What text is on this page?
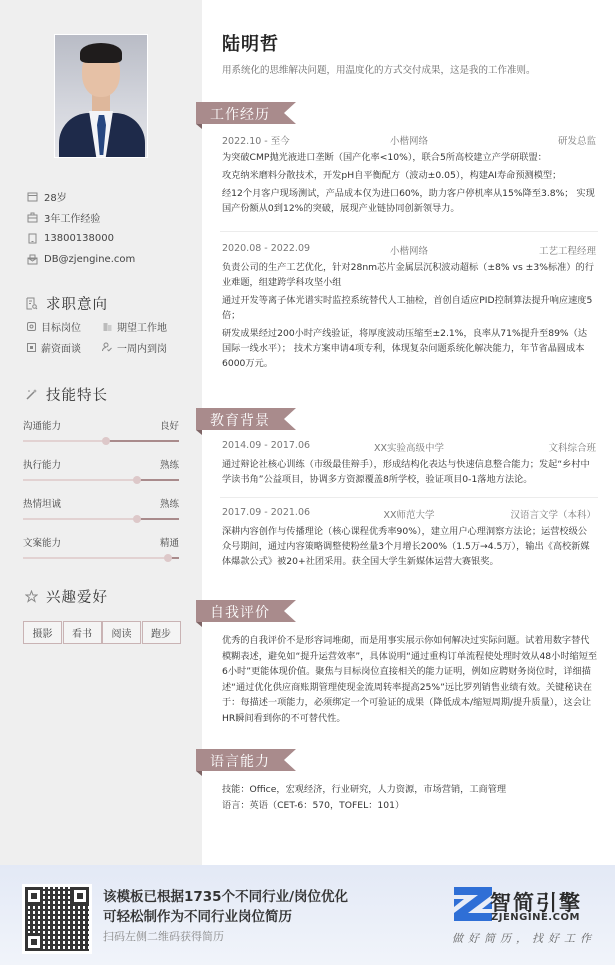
28岁
3年工作经验
13800138000
DB@zjengine.com
求职意向
目标岗位	期望工作地
薪资面谈	一周内到岗
技能特长
沟通能力	良好
执行能力	熟练
热情坦诚	熟练
文案能力	精通
兴趣爱好
摄影	看书	阅读	跑步
陆明哲
用系统化的思维解决问题，用温度化的方式交付成果，这是我的工作准则。
工作经历
2022.10 - 至今	小楷网络	研发总监

为突破CMP抛光液进口垄断（国产化率<10%），联合5所高校建立产学研联盟：

攻克纳米磨料分散技术，开发pH自平衡配方（波动±0.05），构建AI寿命预测模型；

经12个月客户现场测试，产品成本仅为进口60%，助力客户停机率从15%降至3.8%； 实现国产份额从0到12%的突破，展现产业链协同创新领导力。

2020.08 - 2022.09	小楷网络	工艺工程经理

负责公司的生产工艺优化，针对28nm芯片金属层沉积波动超标（±8% vs ±3%标准）的行业难题，组建跨学科攻坚小组

通过开发等离子体光谱实时监控系统替代人工抽检，首创自适应PID控制算法提升响应速度5倍；

研发成果经过200小时产线验证，将厚度波动压缩至±2.1%，良率从71%提升至89%（达国际一线水平）； 技术方案申请4项专利，体现复杂问题系统化解决能力，年节省晶圆成本6000万元。

教育背景
2014.09 - 2017.06	XX实验高级中学	文科综合班

通过辩论社核心训练（市级最佳辩手），形成结构化表达与快速信息整合能力；发起“乡村中学读书角”公益项目，协调多方资源覆盖8所学校，验证项目0-1落地方法论。

2017.09 - 2021.06	XX师范大学	汉语言文学（本科）

深耕内容创作与传播理论（核心课程优秀率90%），建立用户心理洞察方法论；运营校级公众号期间，通过内容策略调整使粉丝量3个月增长200%（1.5万→4.5万），输出《高校新媒体爆款公式》被20+社团采用。获全国大学生新媒体运营大赛银奖。

自我评价
优秀的自我评价不是形容词堆砌，而是用事实展示你如何解决过实际问题。试着用数字替代模糊表述，避免如“提升运营效率”，具体说明“通过重构订单流程使处理时效从48小时缩短至6小时”更能体现价值。聚焦与目标岗位直接相关的能力证明，例如应聘财务岗位时，详细描述“通过优化供应商账期管理使现金流周转率提高25%”远比罗列销售业绩有效。关键秘诀在于：每描述一项能力，必须绑定一个可验证的成果（降低成本/缩短周期/提升质量），这会让HR瞬间看到你的不可替代性。
语言能力
技能：Office，宏观经济，行业研究，人力资源，市场营销，工商管理
语言：英语（CET-6：570，TOFEL：101）
该模板已根据1735个不同行业/岗位优化
可轻松制作为不同行业岗位简历
扫码左侧二维码获得简历
智简引擎
ZJENGINE.COM
做好简历，找好工作
